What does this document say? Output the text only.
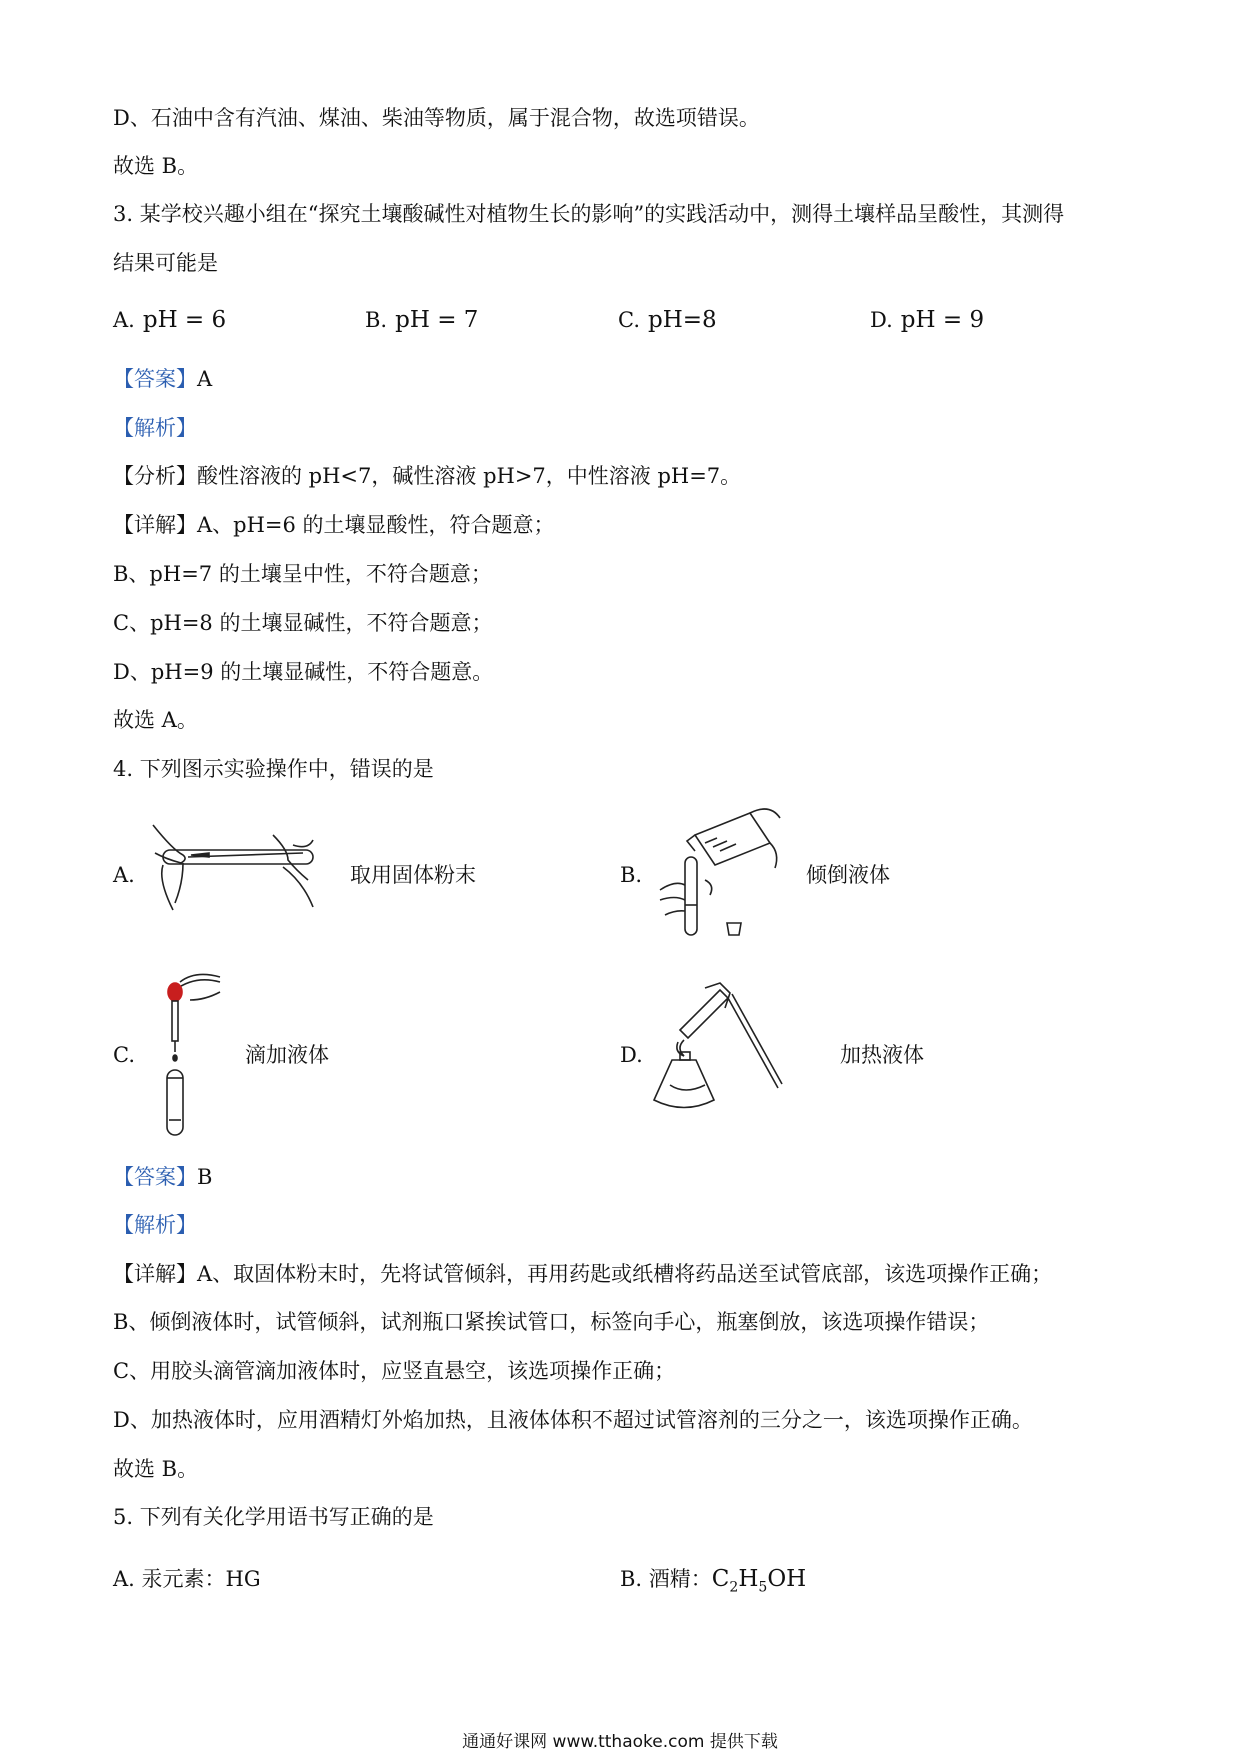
D、石油中含有汽油、煤油、柴油等物质，属于混合物，故选项错误。
故选 B。
3. 某学校兴趣小组在“探究土壤酸碱性对植物生长的影响”的实践活动中，测得土壤样品呈酸性，其测得
结果可能是
A. pH = 6	B. pH = 7	C. pH=8	D. pH = 9
【答案】A
【解析】
【分析】酸性溶液的 pH<7，碱性溶液 pH>7，中性溶液 pH=7。
【详解】A、pH=6 的土壤显酸性，符合题意；
B、pH=7 的土壤呈中性，不符合题意；
C、pH=8 的土壤显碱性，不符合题意；
D、pH=9 的土壤显碱性，不符合题意。
故选 A。
4. 下列图示实验操作中，错误的是
A.	取用固体粉末	B.	倾倒液体
C.	滴加液体	D.	加热液体
【答案】B
【解析】
【详解】A、取固体粉末时，先将试管倾斜，再用药匙或纸槽将药品送至试管底部，该选项操作正确；
B、倾倒液体时，试管倾斜，试剂瓶口紧挨试管口，标签向手心，瓶塞倒放，该选项操作错误；
C、用胶头滴管滴加液体时，应竖直悬空，该选项操作正确；
D、加热液体时，应用酒精灯外焰加热，且液体体积不超过试管溶剂的三分之一，该选项操作正确。
故选 B。
5. 下列有关化学用语书写正确的是
A. 汞元素：HG	B. 酒精：$C_2H_5OH$
通通好课网 www.tthaoke.com 提供下载
